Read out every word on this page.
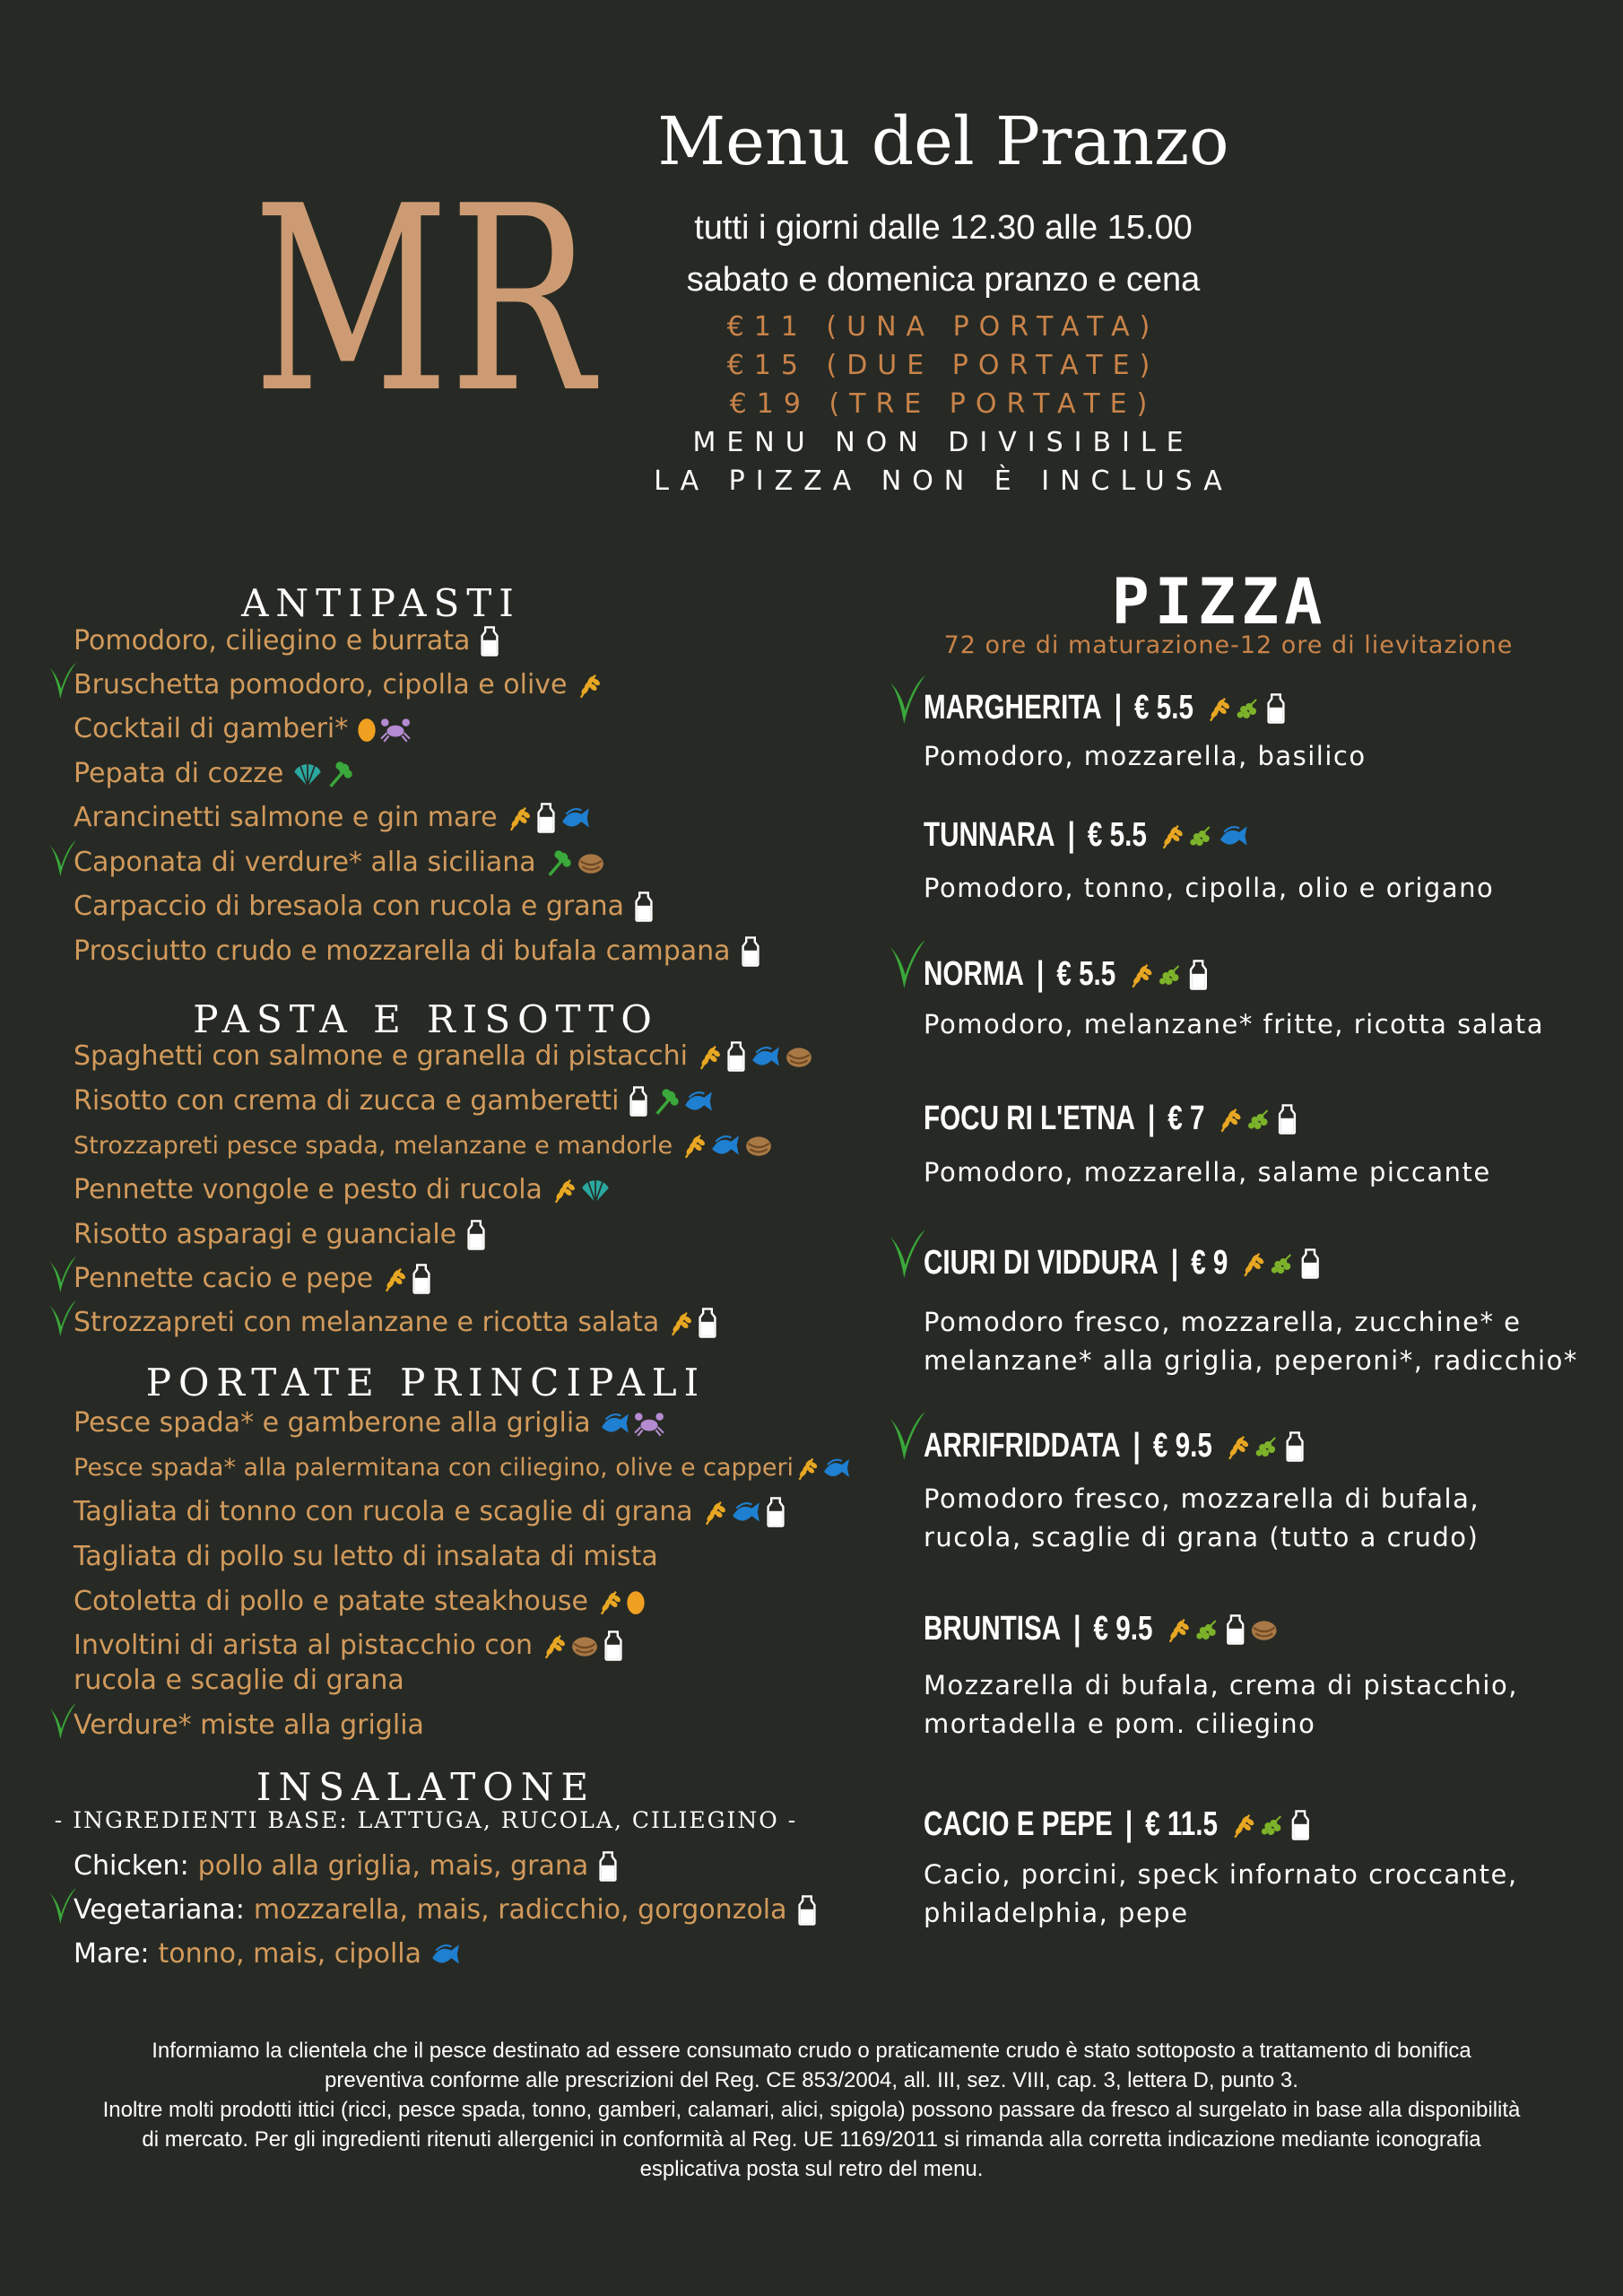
MR
Menu del Pranzo
tutti i giorni dalle 12.30 alle 15.00
sabato e domenica pranzo e cena
€11 (UNA PORTATA)
€15 (DUE PORTATE)
€19 (TRE PORTATE)
MENU NON DIVISIBILE
LA PIZZA NON È INCLUSA
ANTIPASTI
Pomodoro, ciliegino e burrata
Bruschetta pomodoro, cipolla e olive
Cocktail di gamberi*
Pepata di cozze
Arancinetti salmone e gin mare
Caponata di verdure* alla siciliana
Carpaccio di bresaola con rucola e grana
Prosciutto crudo e mozzarella di bufala campana
PASTA E RISOTTO
Spaghetti con salmone e granella di pistacchi
Risotto con crema di zucca e gamberetti
Strozzapreti pesce spada, melanzane e mandorle
Pennette vongole e pesto di rucola
Risotto asparagi e guanciale
Pennette cacio e pepe
Strozzapreti con melanzane e ricotta salata
PORTATE PRINCIPALI
Pesce spada* e gamberone alla griglia
Pesce spada* alla palermitana con ciliegino, olive e capperi
Tagliata di tonno con rucola e scaglie di grana
Tagliata di pollo su letto di insalata di mista
Cotoletta di pollo e patate steakhouse
Involtini di arista al pistacchio con
rucola e scaglie di grana
Verdure* miste alla griglia
INSALATONE
- INGREDIENTI BASE: LATTUGA, RUCOLA, CILIEGINO -
Chicken: pollo alla griglia, mais, grana
Vegetariana: mozzarella, mais, radicchio, gorgonzola
Mare: tonno, mais, cipolla
PIZZA
72 ore di maturazione-12 ore di lievitazione
MARGHERITA | € 5.5
Pomodoro, mozzarella, basilico
TUNNARA | € 5.5
Pomodoro, tonno, cipolla, olio e origano
NORMA | € 5.5
Pomodoro, melanzane* fritte, ricotta salata
FOCU RI L'ETNA | € 7
Pomodoro, mozzarella, salame piccante
CIURI DI VIDDURA | € 9
Pomodoro fresco, mozzarella, zucchine* e melanzane* alla griglia, peperoni*, radicchio*
ARRIFRIDDATA | € 9.5
Pomodoro fresco, mozzarella di bufala, rucola, scaglie di grana (tutto a crudo)
BRUNTISA | € 9.5
Mozzarella di bufala, crema di pistacchio, mortadella e pom. ciliegino
CACIO E PEPE | € 11.5
Cacio, porcini, speck infornato croccante, philadelphia, pepe
Informiamo la clientela che il pesce destinato ad essere consumato crudo o praticamente crudo è stato sottoposto a trattamento di bonifica
preventiva conforme alle prescrizioni del Reg. CE 853/2004, all. III, sez. VIII, cap. 3, lettera D, punto 3.
Inoltre molti prodotti ittici (ricci, pesce spada, tonno, gamberi, calamari, alici, spigola) possono passare da fresco al surgelato in base alla disponibilità
di mercato. Per gli ingredienti ritenuti allergenici in conformità al Reg. UE 1169/2011 si rimanda alla corretta indicazione mediante iconografia
esplicativa posta sul retro del menu.
